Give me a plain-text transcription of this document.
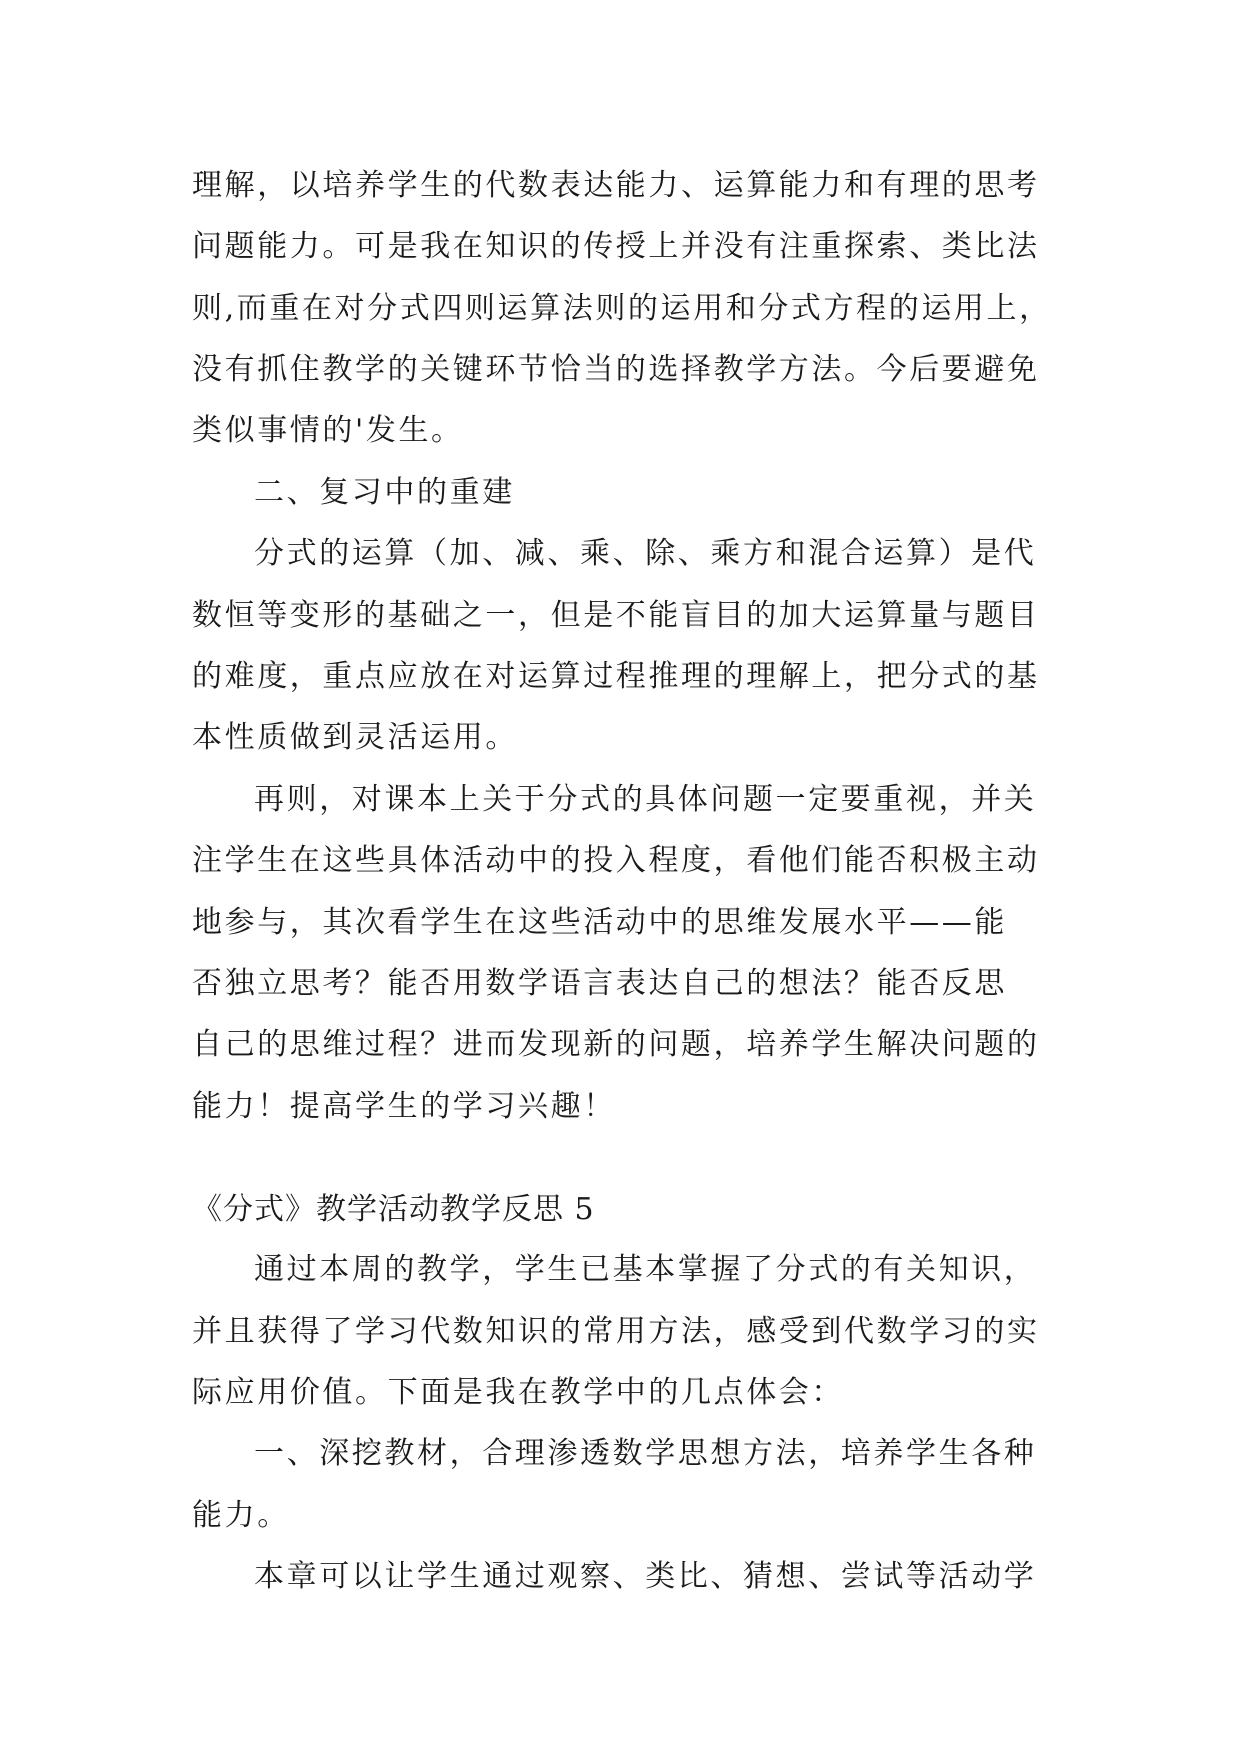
理解，以培养学生的代数表达能力、运算能力和有理的思考
问题能力。可是我在知识的传授上并没有注重探索、类比法
则,而重在对分式四则运算法则的运用和分式方程的运用上，
没有抓住教学的关键环节恰当的选择教学方法。今后要避免
类似事情的'发生。
二、复习中的重建
分式的运算（加、减、乘、除、乘方和混合运算）是代
数恒等变形的基础之一，但是不能盲目的加大运算量与题目
的难度，重点应放在对运算过程推理的理解上，把分式的基
本性质做到灵活运用。
再则，对课本上关于分式的具体问题一定要重视，并关
注学生在这些具体活动中的投入程度，看他们能否积极主动
地参与，其次看学生在这些活动中的思维发展水平——能
否独立思考？能否用数学语言表达自己的想法？能否反思
自己的思维过程？进而发现新的问题，培养学生解决问题的
能力！提高学生的学习兴趣！
《分式》教学活动教学反思 5
通过本周的教学，学生已基本掌握了分式的有关知识，
并且获得了学习代数知识的常用方法，感受到代数学习的实
际应用价值。下面是我在教学中的几点体会：
一、深挖教材，合理渗透数学思想方法，培养学生各种
能力。
本章可以让学生通过观察、类比、猜想、尝试等活动学
